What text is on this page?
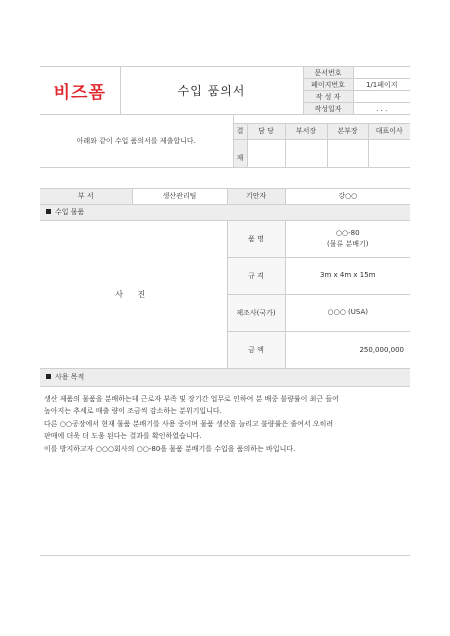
비즈폼	수입 품의서	문서번호	
		페이지번호	1/1페이지
		작 성 자	
		작성일자	. . .
아래와 같이 수입 품의서를 제출합니다.					
	결	담 당	부서장	본부장	대표이사
	재				
부 서	생산관리팀	기안자	강○○
수입 물품			
사 진		품 명	○○-80
(물류 분배기)

		규 격	3m x 4m x 15m
		제조사(국가)	○○○ (USA)
		금 액	250,000,000
사용 목적			

생산 제품의 물품을 분배하는데 근로자 부족 및 장기간 업무로 인하여 분 배중 불량률이 최근 들어

높아지는 추세로 매출 량이 조금씩 감소하는 분위기입니다.

다른 ○○공장에서 현재 물품 분배기를 사용 중이며 물품 생산을 늘리고 불량률은 줄여서 오히려

판매에 더욱 더 도움 된다는 결과를 확인하였습니다.

이를 방지하고자 ○○○회사의 ○○-80을 물품 분배기를 수입을 품의하는 바입니다.			
